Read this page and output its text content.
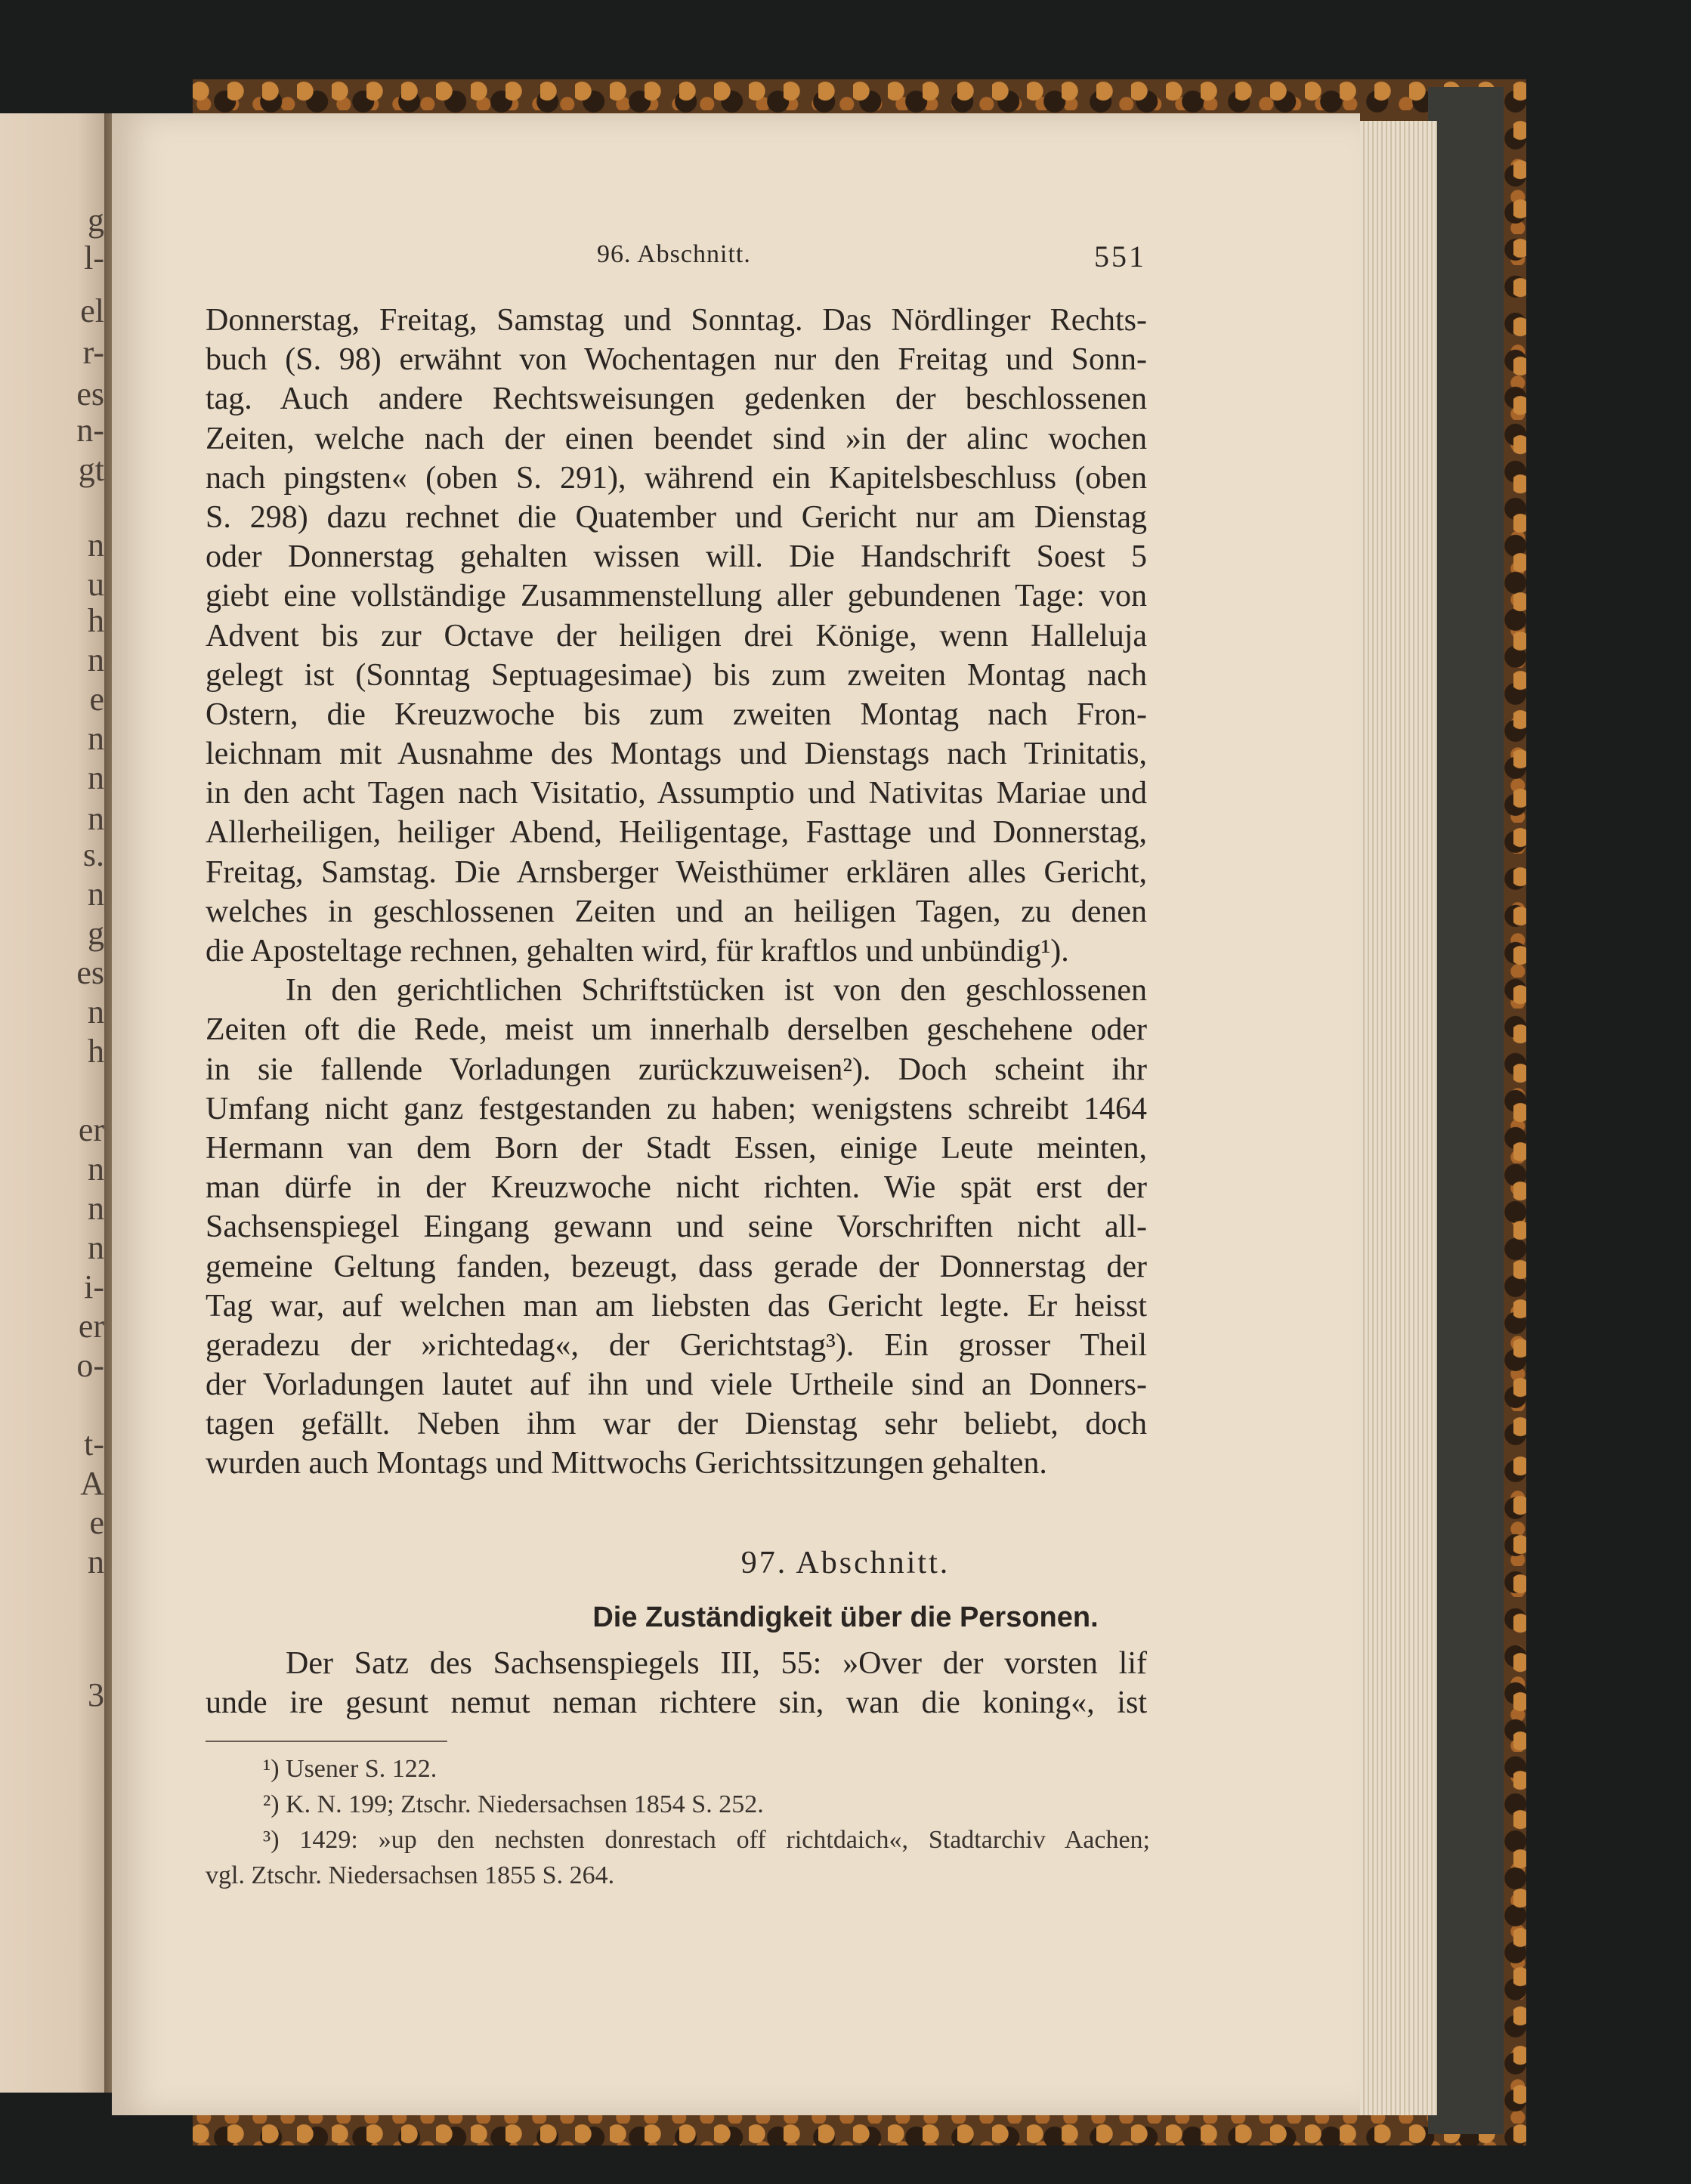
g
l-
el
r-
es
n-
gt
n
u
h
n
e
n
n
n
s.
n
g
es
n
h
er
n
n
n
i-
er
o-
t-
A
e
n
3
96. Abschnitt.	551
Donnerstag, Freitag, Samstag und Sonntag. Das Nördlinger Rechts-
buch (S. 98) erwähnt von Wochentagen nur den Freitag und Sonn-
tag. Auch andere Rechtsweisungen gedenken der beschlossenen
Zeiten, welche nach der einen beendet sind »in der alinc wochen
nach pingsten« (oben S. 291), während ein Kapitelsbeschluss (oben
S. 298) dazu rechnet die Quatember und Gericht nur am Dienstag
oder Donnerstag gehalten wissen will. Die Handschrift Soest 5
giebt eine vollständige Zusammenstellung aller gebundenen Tage: von
Advent bis zur Octave der heiligen drei Könige, wenn Halleluja
gelegt ist (Sonntag Septuagesimae) bis zum zweiten Montag nach
Ostern, die Kreuzwoche bis zum zweiten Montag nach Fron-
leichnam mit Ausnahme des Montags und Dienstags nach Trinitatis,
in den acht Tagen nach Visitatio, Assumptio und Nativitas Mariae und
Allerheiligen, heiliger Abend, Heiligentage, Fasttage und Donnerstag,
Freitag, Samstag. Die Arnsberger Weisthümer erklären alles Gericht,
welches in geschlossenen Zeiten und an heiligen Tagen, zu denen
die Aposteltage rechnen, gehalten wird, für kraftlos und unbündig¹).
In den gerichtlichen Schriftstücken ist von den geschlossenen
Zeiten oft die Rede, meist um innerhalb derselben geschehene oder
in sie fallende Vorladungen zurückzuweisen²). Doch scheint ihr
Umfang nicht ganz festgestanden zu haben; wenigstens schreibt 1464
Hermann van dem Born der Stadt Essen, einige Leute meinten,
man dürfe in der Kreuzwoche nicht richten. Wie spät erst der
Sachsenspiegel Eingang gewann und seine Vorschriften nicht all-
gemeine Geltung fanden, bezeugt, dass gerade der Donnerstag der
Tag war, auf welchen man am liebsten das Gericht legte. Er heisst
geradezu der »richtedag«, der Gerichtstag³). Ein grosser Theil
der Vorladungen lautet auf ihn und viele Urtheile sind an Donners-
tagen gefällt. Neben ihm war der Dienstag sehr beliebt, doch
wurden auch Montags und Mittwochs Gerichtssitzungen gehalten.
97. Abschnitt.
Die Zuständigkeit über die Personen.
Der Satz des Sachsenspiegels III, 55: »Over der vorsten lif
unde ire gesunt nemut neman richtere sin, wan die koning«, ist
¹) Usener S. 122.
²) K. N. 199; Ztschr. Niedersachsen 1854 S. 252.
³) 1429: »up den nechsten donrestach off richtdaich«, Stadtarchiv Aachen;
vgl. Ztschr. Niedersachsen 1855 S. 264.
